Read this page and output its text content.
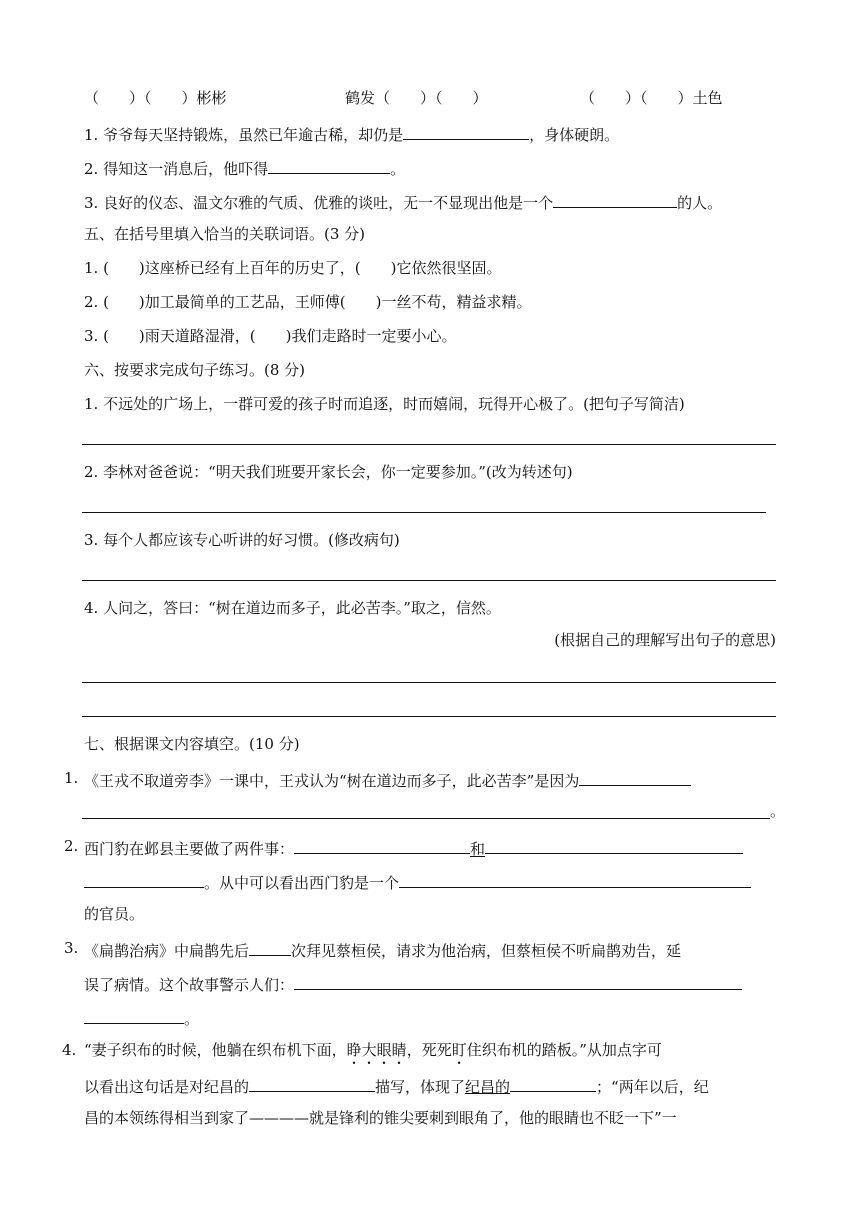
（　　）（　　）彬彬	鹤发（　　）（　　）	（　　）（　　）土色
1. 爷爷每天坚持锻炼，虽然已年逾古稀，却仍是	，身体硬朗。
2. 得知这一消息后，他吓得	。
3. 良好的仪态、温文尔雅的气质、优雅的谈吐，无一不显现出他是一个	的人。
五、在括号里填入恰当的关联词语。(3 分)
1. (　　)这座桥已经有上百年的历史了，(　　)它依然很坚固。
2. (　　)加工最简单的工艺品，王师傅(　　)一丝不苟，精益求精。
3. (　　)雨天道路湿滑，(　　)我们走路时一定要小心。
六、按要求完成句子练习。(8 分)
1. 不远处的广场上，一群可爱的孩子时而追逐，时而嬉闹，玩得开心极了。(把句子写简洁)
2. 李林对爸爸说：“明天我们班要开家长会，你一定要参加。”(改为转述句)
3. 每个人都应该专心听讲的好习惯。(修改病句)
4. 人问之，答曰：“树在道边而多子，此必苦李。”取之，信然。
(根据自己的理解写出句子的意思)
七、根据课文内容填空。(10 分)
1. 《王戎不取道旁李》一课中，王戎认为“树在道边而多子，此必苦李”是因为
。
2. 西门豹在邺县主要做了两件事：	和
。从中可以看出西门豹是一个
的官员。
3. 《扁鹊治病》中扁鹊先后	次拜见蔡桓侯，请求为他治病，但蔡桓侯不听扁鹊劝告，延
误了病情。这个故事警示人们：
。
4. “妻子织布的时候，他躺在织布机下面，睁大眼睛，死死盯住织布机的踏板。”从加点字可
以看出这句话是对纪昌的	描写，体现了纪昌的	；“两年以后，纪
昌的本领练得相当到家了————就是锋利的锥尖要刺到眼角了，他的眼睛也不眨一下”一
